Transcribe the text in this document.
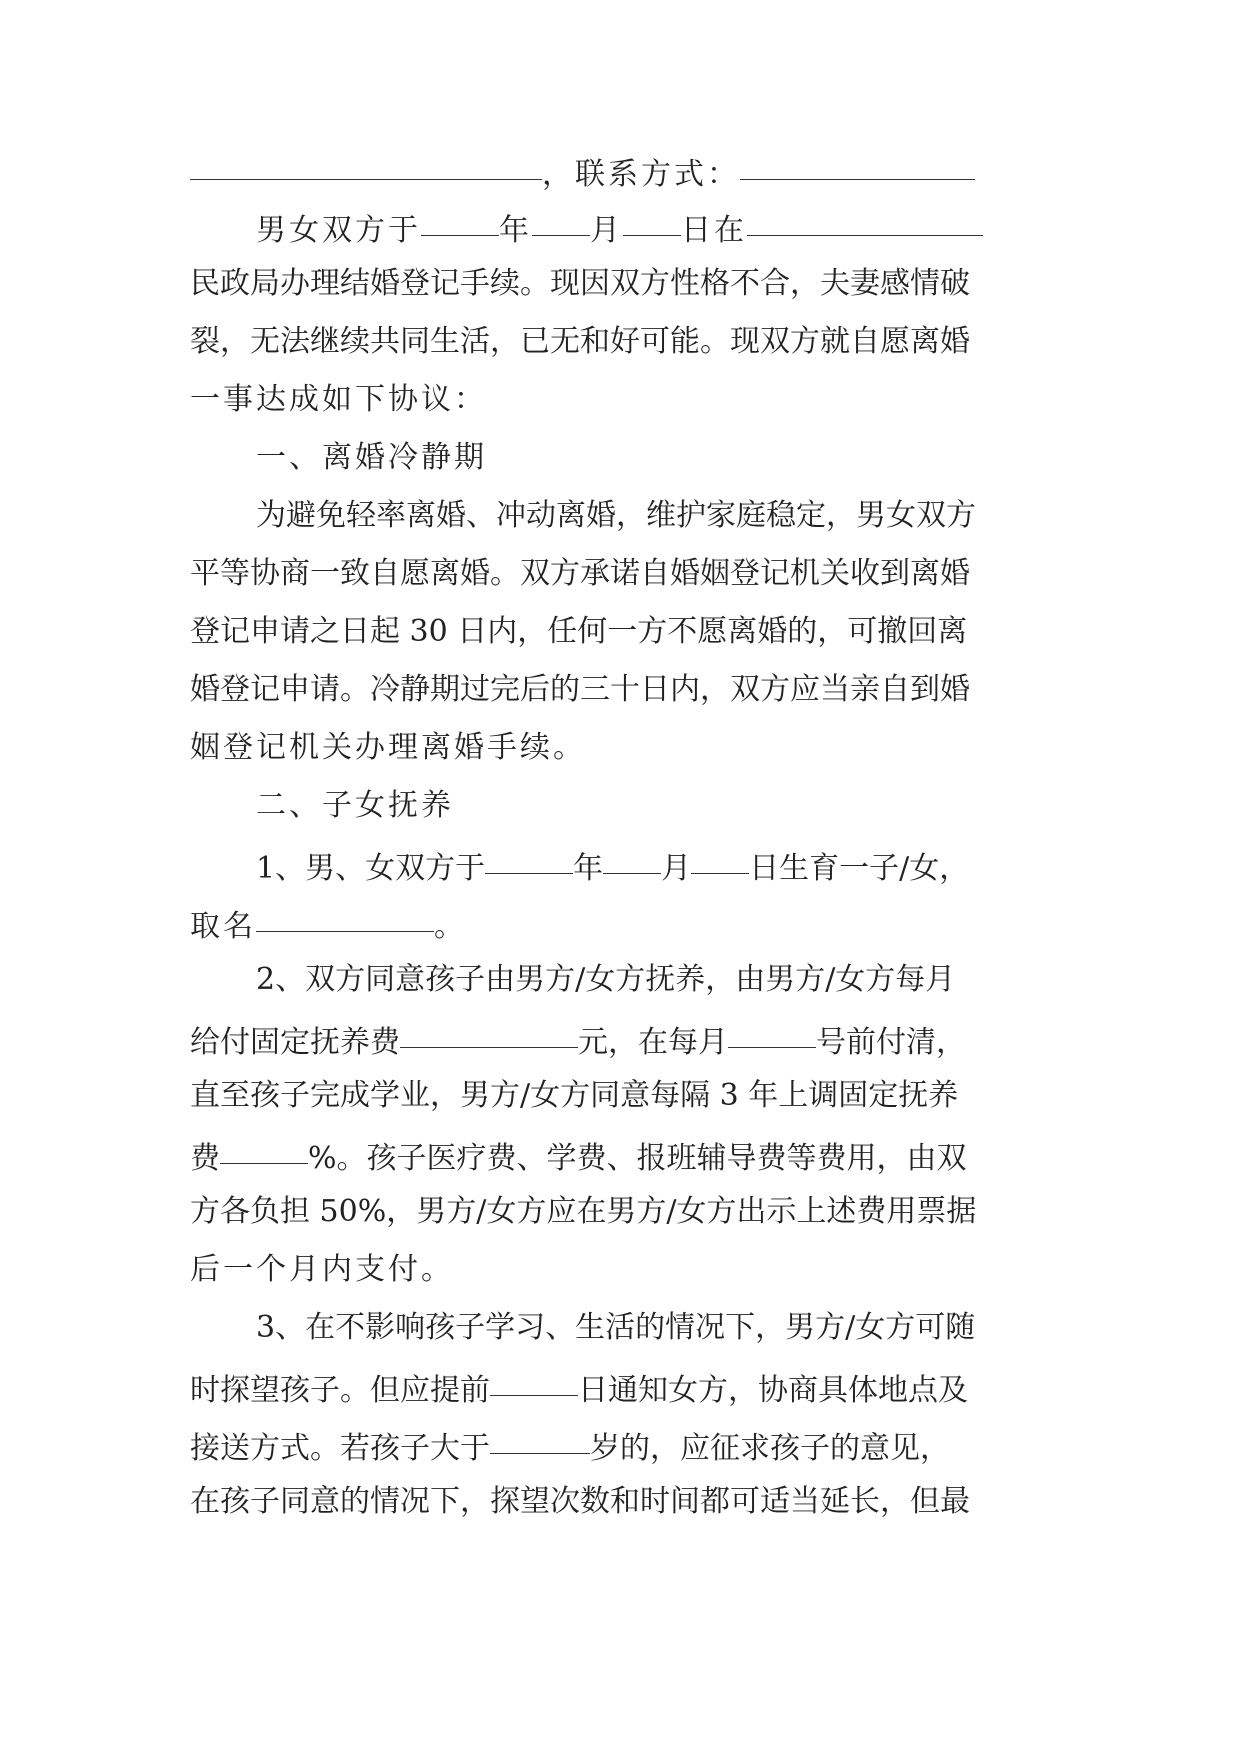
，联系方式：
男女双方于	年 月 日在
民政局办理结婚登记手续。现因双方性格不合，夫妻感情破
裂，无法继续共同生活，已无和好可能。现双方就自愿离婚
一事达成如下协议：
一、离婚冷静期
为避免轻率离婚、冲动离婚，维护家庭稳定，男女双方
平等协商一致自愿离婚。双方承诺自婚姻登记机关收到离婚
登记申请之日起 30 日内，任何一方不愿离婚的，可撤回离
婚登记申请。冷静期过完后的三十日内，双方应当亲自到婚
姻登记机关办理离婚手续。
二、子女抚养
1、男、女双方于	年 月 日生育一子/女，
取名	。
2、双方同意孩子由男方/女方抚养，由男方/女方每月
给付固定抚养费	元，在每月	号前付清，
直至孩子完成学业，男方/女方同意每隔 3 年上调固定抚养
费	%。孩子医疗费、学费、报班辅导费等费用，由双
方各负担 50%，男方/女方应在男方/女方出示上述费用票据
后一个月内支付。
3、在不影响孩子学习、生活的情况下，男方/女方可随
时探望孩子。但应提前	日通知女方，协商具体地点及
接送方式。若孩子大于	岁的，应征求孩子的意见，
在孩子同意的情况下，探望次数和时间都可适当延长，但最
